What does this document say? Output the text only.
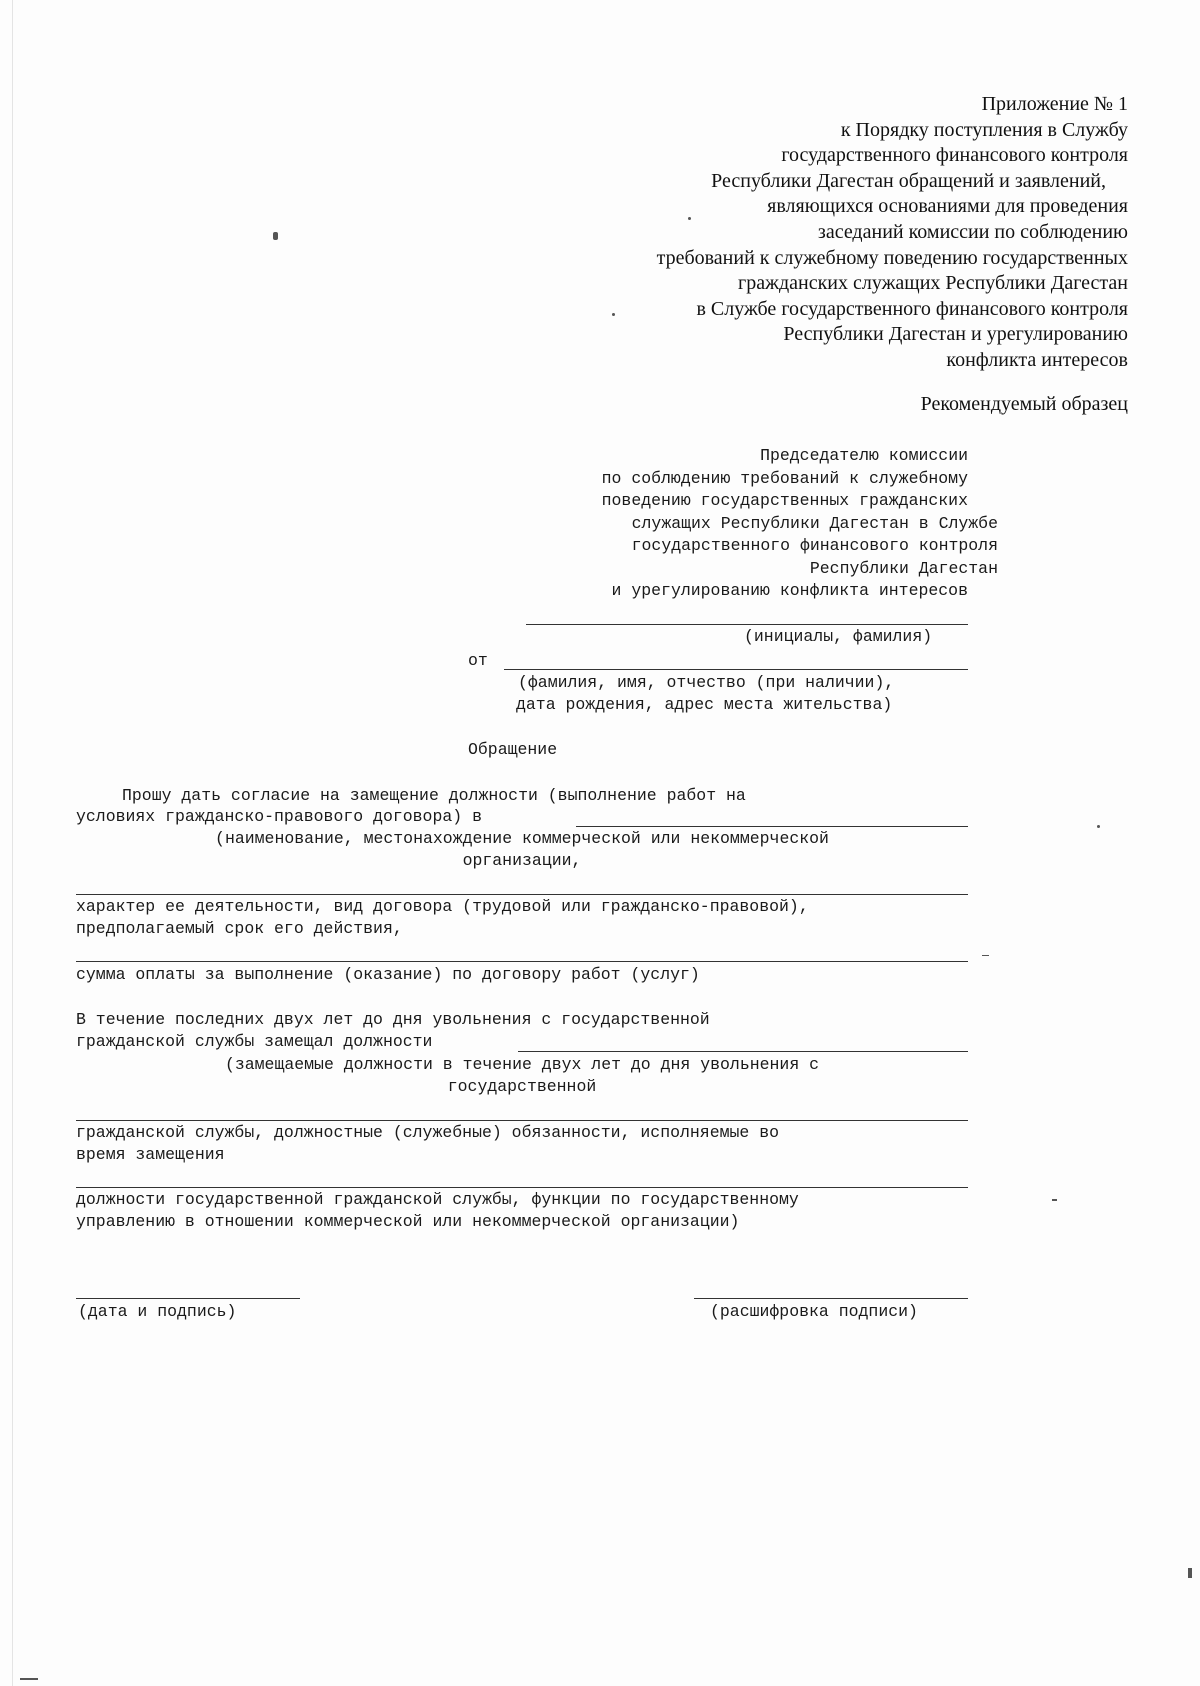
Приложение № 1
к Порядку поступления в Службу
государственного финансового контроля
Республики Дагестан обращений и заявлений,
являющихся основаниями для проведения
заседаний комиссии по соблюдению
требований к служебному поведению государственных
гражданских служащих Республики Дагестан
в Службе государственного финансового контроля
Республики Дагестан и урегулированию
конфликта интересов
Рекомендуемый образец
Председателю комиссии
по соблюдению требований к служебному
поведению государственных гражданских
служащих Республики Дагестан в Службе
государственного финансового контроля
Республики Дагестан
и урегулированию конфликта интересов
(инициалы, фамилия)
от
(фамилия, имя, отчество (при наличии),
дата рождения, адрес места жительства)
Обращение
Прошу дать согласие на замещение должности (выполнение работ на
условиях гражданско-правового договора) в
(наименование, местонахождение коммерческой или некоммерческой
организации,
характер ее деятельности, вид договора (трудовой или гражданско-правовой),
предполагаемый срок его действия,
сумма оплаты за выполнение (оказание) по договору работ (услуг)
В течение последних двух лет до дня увольнения с государственной
гражданской службы замещал должности
(замещаемые должности в течение двух лет до дня увольнения с
государственной
гражданской службы, должностные (служебные) обязанности, исполняемые во
время замещения
должности государственной гражданской службы, функции по государственному
управлению в отношении коммерческой или некоммерческой организации)
(дата и подпись)	(расшифровка подписи)
